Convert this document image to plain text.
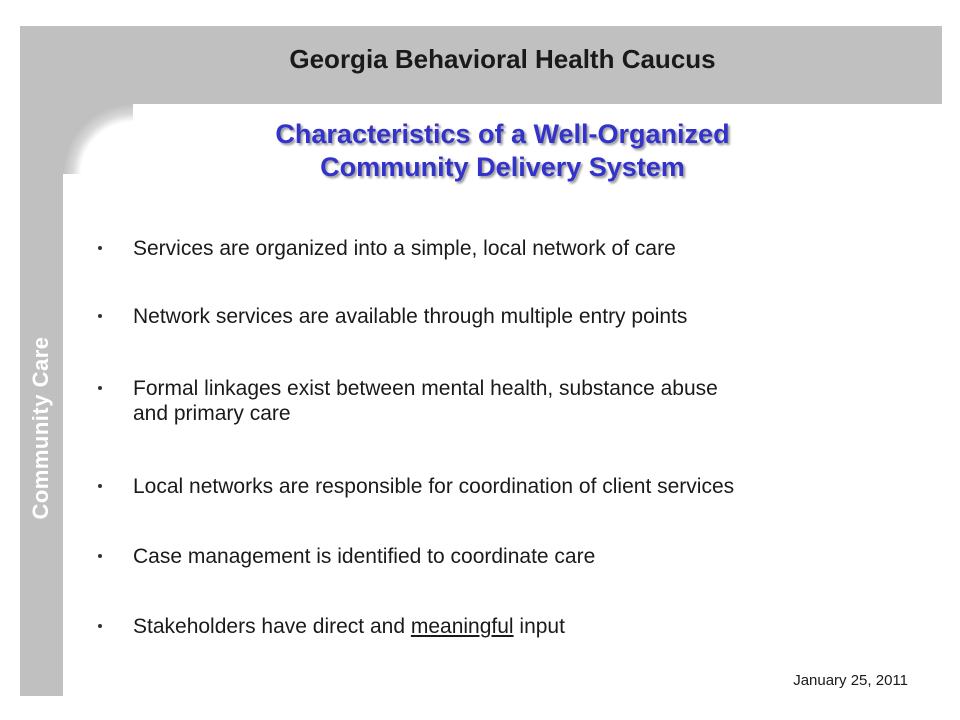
Georgia Behavioral Health Caucus
Community Care
Characteristics of a Well-Organized
Community Delivery System
Services are organized into a simple, local network of care
Network services are available through multiple entry points
Formal linkages exist between mental health, substance abuse
and primary care
Local networks are responsible for coordination of client services
Case management is identified to coordinate care
Stakeholders have direct and meaningful input
January 25, 2011
